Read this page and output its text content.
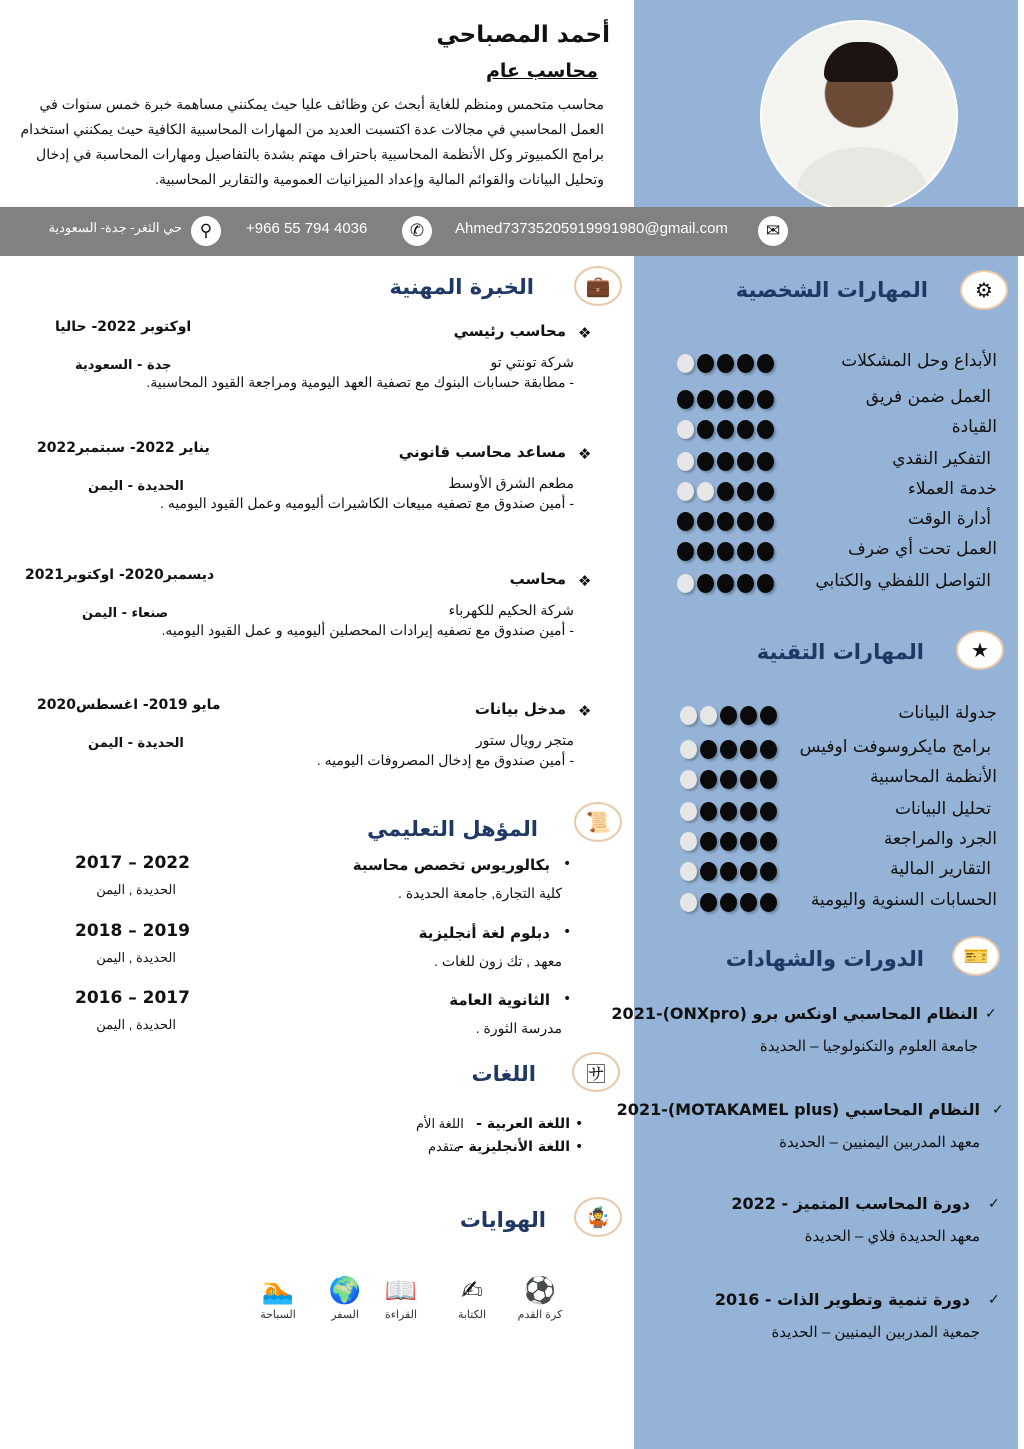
أحمد المصباحي
محاسب عام
محاسب متحمس ومنظم للغاية أبحث عن وظائف عليا حيث يمكنني مساهمة خبرة خمس سنوات في العمل المحاسبي في مجالات عدة اكتسبت العديد من المهارات المحاسبية الكافية حيث يمكنني استخدام برامج الكمبيوتر وكل الأنظمة المحاسبية باحتراف مهتم بشدة بالتفاصيل ومهارات المحاسبة في إدخال وتحليل البيانات والقوائم المالية وإعداد الميزانيات العمومية والتقارير المحاسبية.
✉
Ahmed7373520591999​1980@gmail.com
✆
+966 55 794 4036
⚲
حي الثغر- جدة- السعودية
💼
الخبرة المهنية
📜
المؤهل التعليمي
🈂
اللغات
🤹
الهوايات
⚙
المهارات الشخصية
★
المهارات التقنية
🎫
الدورات والشهادات
❖
محاسب رئيسي
اوكتوبر 2022- حاليا
شركة تونتي تو
جدة - السعودية
- مطابقة حسابات البنوك مع تصفية العهد اليومية ومراجعة القيود المحاسبية.
❖
مساعد محاسب قانوني
يناير 2022- سبتمبر2022
مطعم الشرق الأوسط
الحديدة - اليمن
- أمين صندوق مع تصفيه مبيعات الكاشيرات أليوميه وعمل القيود اليوميه .
❖
محاسب
ديسمبر2020- اوكتوبر2021
شركة الحكيم للكهرباء
صنعاء - اليمن
- أمين صندوق مع تصفيه إيرادات المحصلين أليوميه و عمل القيود اليوميه.
❖
مدخل بيانات
مايو 2019- اغسطس2020
متجر رويال ستور
الحديدة - اليمن
- أمين صندوق مع إدخال المصروفات اليوميه .
•
بكالوريوس تخصص محاسبة
كلية التجارة, جامعة الحديدة .
2017 – 2022
الحديدة , اليمن
•
دبلوم لغة أنجليزية
معهد , تك زون للغات .
2018 – 2019
الحديدة , اليمن
•
الثانوية العامة
مدرسة الثورة .
2016 – 2017
الحديدة , اليمن
•
اللغة العربية -
اللغة الأم
•
اللغة الأنجليزية -
متقدم
⚽
كرة القدم
✍
الكتابة
📖
القراءة
🌍
السفر
🏊
السباحة
الأبداع وحل المشكلات
العمل ضمن فريق
القيادة
التفكير النقدي
خدمة العملاء
أدارة الوقت
العمل تحت أي ضرف
التواصل اللفظي والكتابي
جدولة البيانات
برامج مايكروسوفت اوفيس
الأنظمة المحاسبية
تحليل البيانات
الجرد والمراجعة
التقارير المالية
الحسابات السنوية واليومية
✓
النظام المحاسبي اونكس برو (ONXpro)-2021
جامعة العلوم والتكنولوجيا – الحديدة
✓
النظام المحاسبي (MOTAKAMEL plus)-2021
معهد المدربين اليمنيين – الحديدة
✓
دورة المحاسب المتميز - 2022
معهد الحديدة فلاي – الحديدة
✓
دورة تنمية وتطوير الذات - 2016
جمعية المدربين اليمنيين – الحديدة
